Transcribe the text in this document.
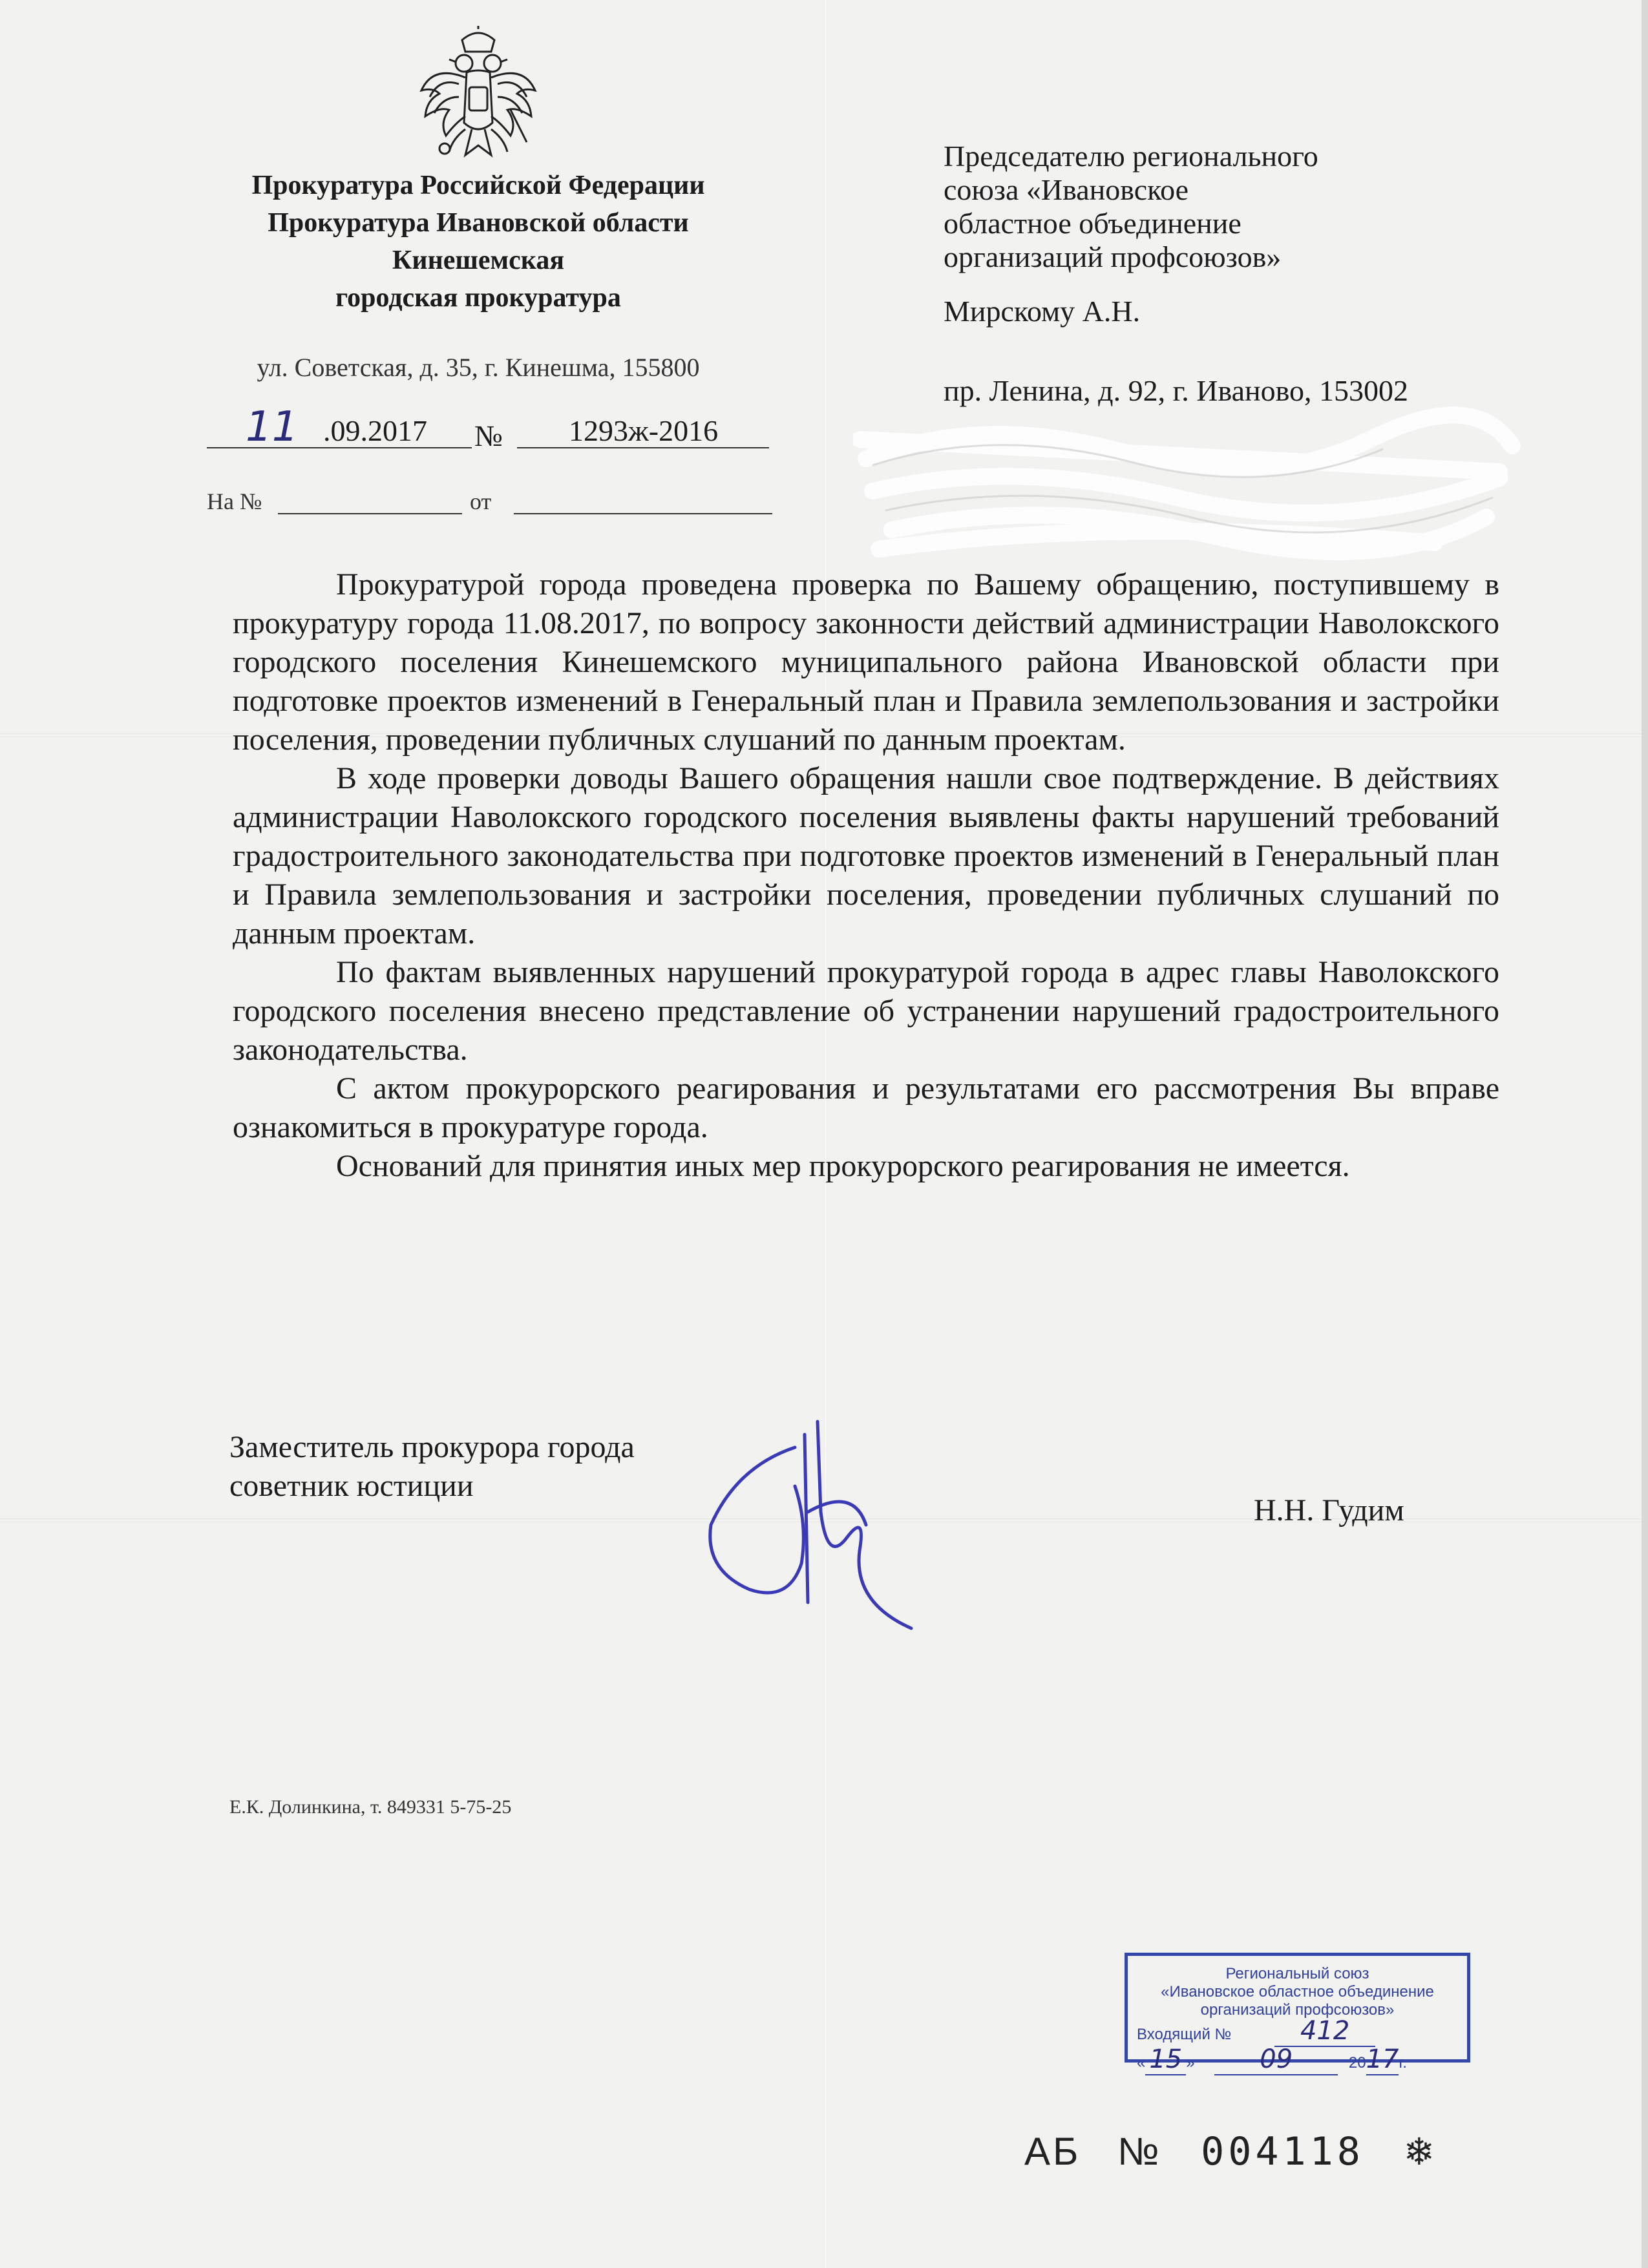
Прокуратура Российской Федерации
Прокуратура Ивановской области
Кинешемская
городская прокуратура
ул. Советская, д. 35, г. Кинешма, 155800
11 .09.2017 № 1293ж-2016
На №	от
Председателю регионального
союза «Ивановское
областное объединение
организаций профсоюзов»
Мирскому А.Н.
пр. Ленина, д. 92, г. Иваново, 153002

Прокуратурой города проведена проверка по Вашему обращению, поступившему в прокуратуру города 11.08.2017, по вопросу законности действий администрации Наволокского городского поселения Кинешемского муниципального района Ивановской области при подготовке проектов изменений в Генеральный план и Правила землепользования и застройки поселения, проведении публичных слушаний по данным проектам.

В ходе проверки доводы Вашего обращения нашли свое подтверждение. В действиях администрации Наволокского городского поселения выявлены факты нарушений требований градостроительного законодательства при подготовке проектов изменений в Генеральный план и Правила землепользования и застройки поселения, проведении публичных слушаний по данным проектам.

По фактам выявленных нарушений прокуратурой города в адрес главы Наволокского городского поселения внесено представление об устранении нарушений градостроительного законодательства.

С актом прокурорского реагирования и результатами его рассмотрения Вы вправе ознакомиться в прокуратуре города.

Оснований для принятия иных мер прокурорского реагирования не имеется.

Заместитель прокурора города
советник юстиции
Н.Н. Гудим
Е.К. Долинкина, т. 849331 5-75-25
Региональный союз
«Ивановское областное объединение
организаций профсоюзов»
Входящий №	412
« 15 » 09	2017г.
АБ № 004118 ❄
